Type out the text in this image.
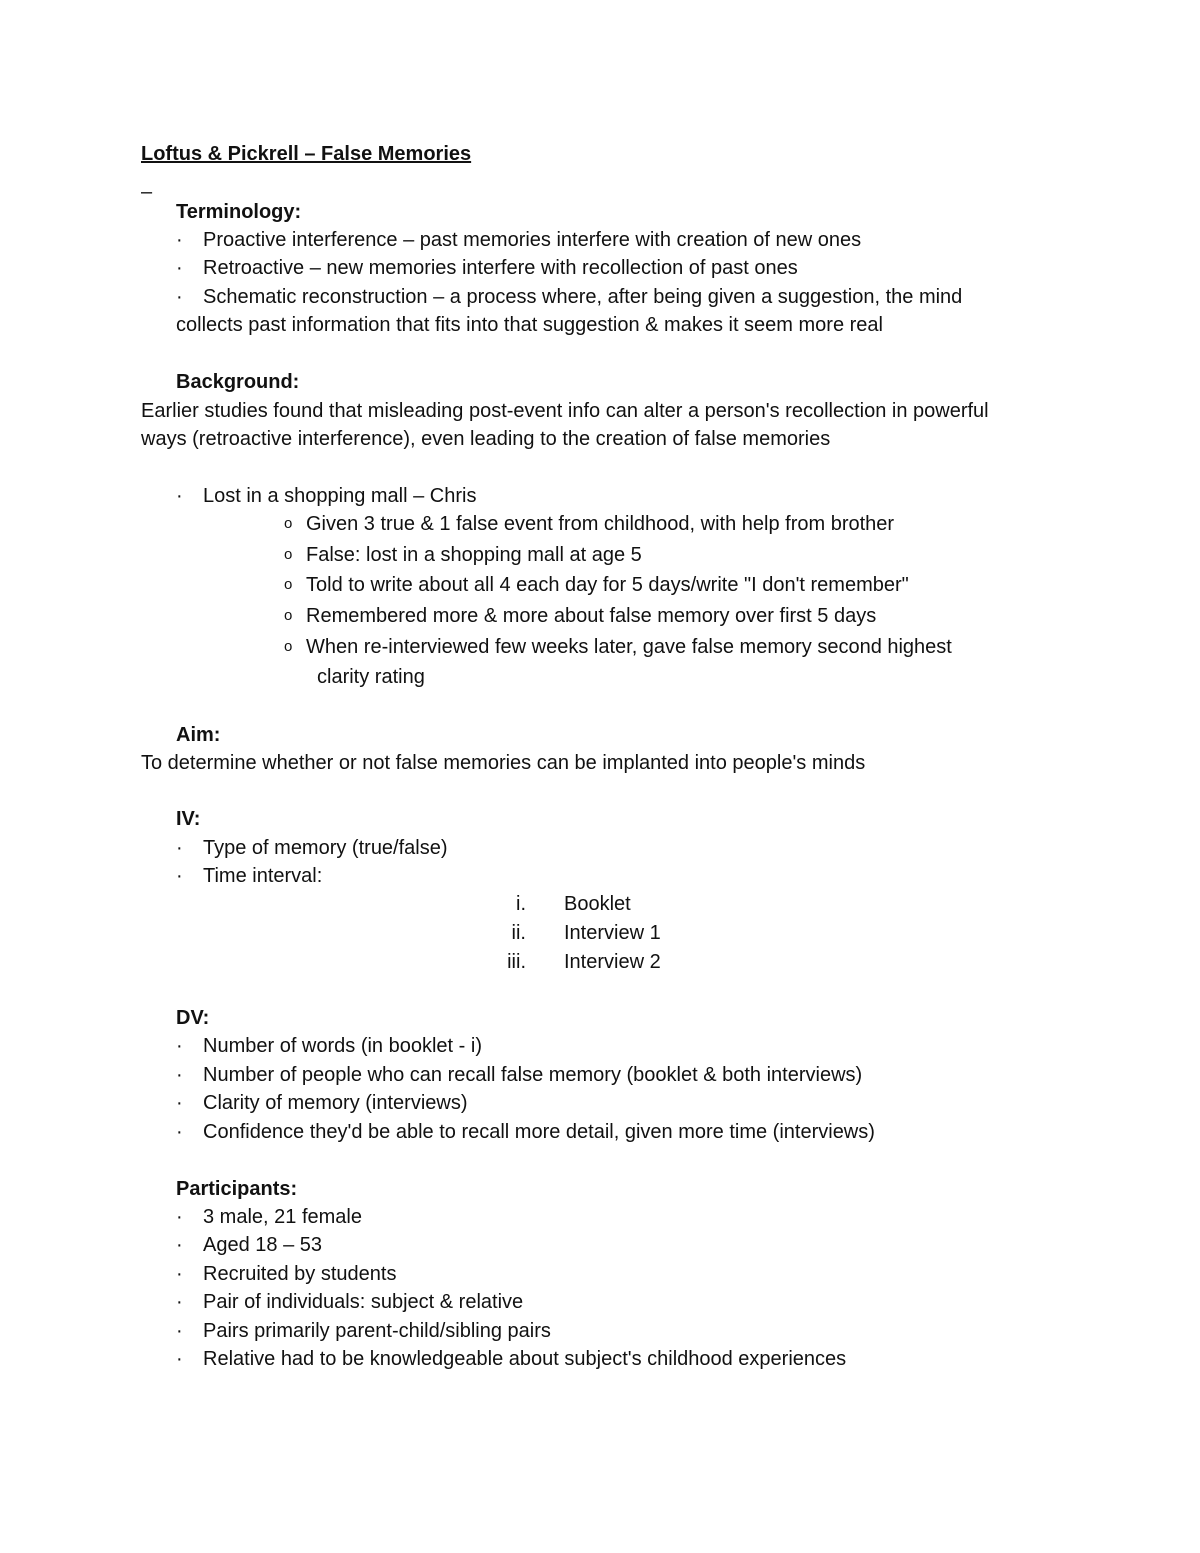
Loftus & Pickrell – False Memories
–
Terminology:
·	Proactive interference – past memories interfere with creation of new ones
·	Retroactive – new memories interfere with recollection of past ones
·	Schematic reconstruction – a process where, after being given a suggestion, the mind
collects past information that fits into that suggestion & makes it seem more real
Background:
Earlier studies found that misleading post-event info can alter a person's recollection in powerful
ways (retroactive interference), even leading to the creation of false memories
·	Lost in a shopping mall – Chris
o Given 3 true & 1 false event from childhood, with help from brother
o False: lost in a shopping mall at age 5
o Told to write about all 4 each day for 5 days/write "I don't remember"
o Remembered more & more about false memory over first 5 days
o When re-interviewed few weeks later, gave false memory second highest
clarity rating
Aim:
To determine whether or not false memories can be implanted into people's minds
IV:
·	Type of memory (true/false)
·	Time interval:
i. Booklet
ii. Interview 1
iii. Interview 2
DV:
·	Number of words (in booklet - i)
·	Number of people who can recall false memory (booklet & both interviews)
·	Clarity of memory (interviews)
·	Confidence they'd be able to recall more detail, given more time (interviews)
Participants:
·	3 male, 21 female
·	Aged 18 – 53
·	Recruited by students
·	Pair of individuals: subject & relative
·	Pairs primarily parent-child/sibling pairs
·	Relative had to be knowledgeable about subject's childhood experiences
